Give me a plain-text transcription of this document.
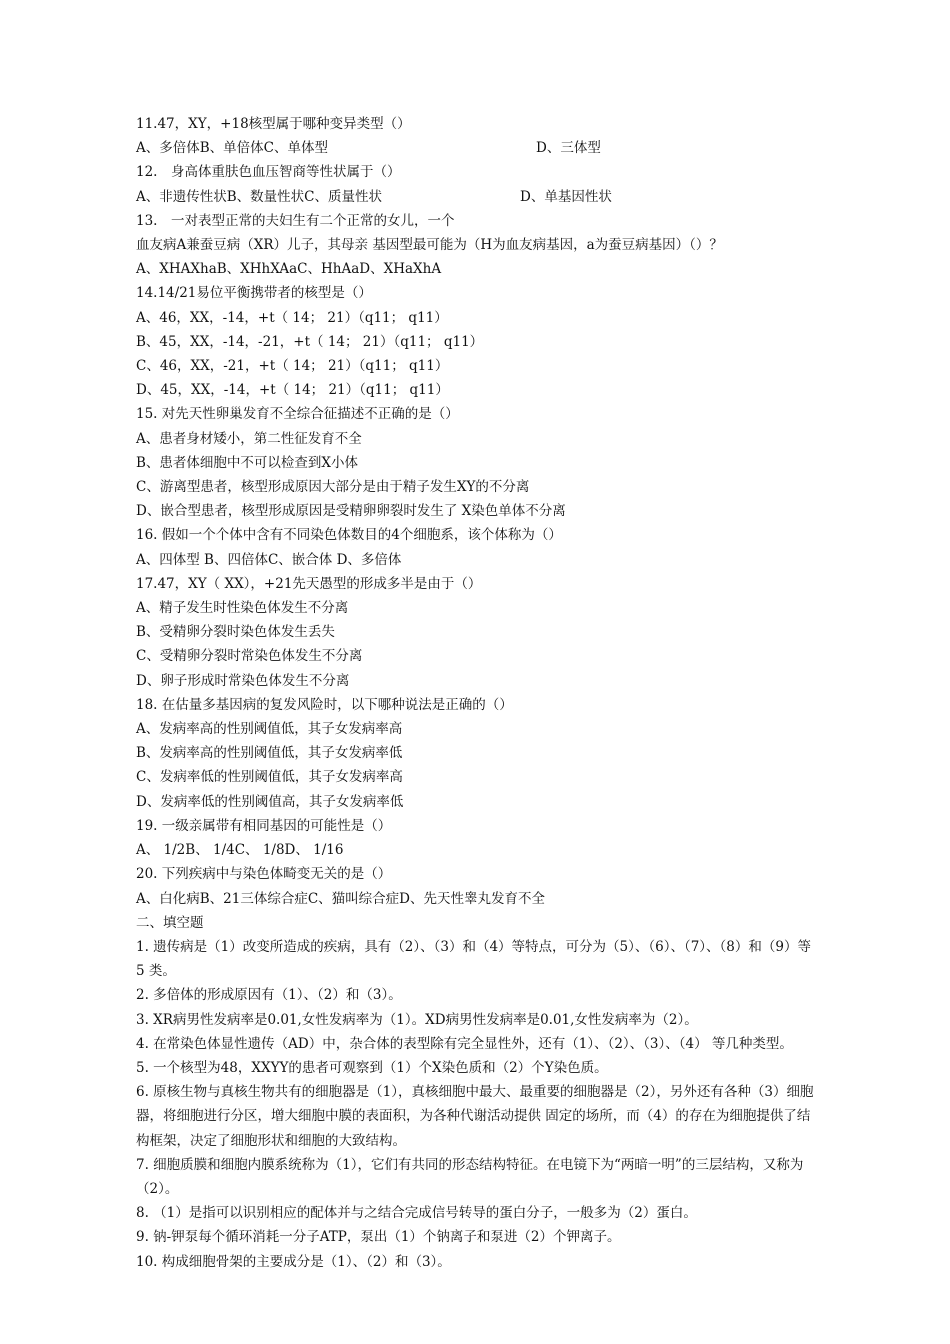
11.47，XY，+18核型属于哪种变异类型（）

A、多倍体B、单倍体C、单体型	D、三体型

12.　身高体重肤色血压智商等性状属于（）

A、非遗传性状B、数量性状C、质量性状	D、单基因性状

13.　一对表型正常的夫妇生有二个正常的女儿，一个

血友病A兼蚕豆病（XR）儿子，其母亲 基因型最可能为（H为血友病基因，a为蚕豆病基因）（）？

A、XHAXhaB、XHhXAaC、HhAaD、XHaXhA

14.14/21易位平衡携带者的核型是（）

A、46，XX，-14，+t（ 14； 21）（q11； q11）

B、45，XX，-14，-21，+t（ 14； 21）（q11； q11）

C、46，XX，-21，+t（ 14； 21）（q11； q11）

D、45，XX，-14，+t（ 14； 21）（q11； q11）

15. 对先天性卵巢发育不全综合征描述不正确的是（）

A、患者身材矮小，第二性征发育不全

B、患者体细胞中不可以检查到X小体

C、游离型患者，核型形成原因大部分是由于精子发生XY的不分离

D、嵌合型患者，核型形成原因是受精卵卵裂时发生了 X染色单体不分离

16. 假如一个个体中含有不同染色体数目的4个细胞系，该个体称为（）

A、四体型 B、四倍体C、嵌合体 D、多倍体

17.47，XY（ XX），+21先天愚型的形成多半是由于（）

A、精子发生时性染色体发生不分离

B、受精卵分裂时染色体发生丢失

C、受精卵分裂时常染色体发生不分离

D、卵子形成时常染色体发生不分离

18. 在估量多基因病的复发风险时，以下哪种说法是正确的（）

A、发病率高的性别阈值低，其子女发病率高

B、发病率高的性别阈值低，其子女发病率低

C、发病率低的性别阈值低，其子女发病率高

D、发病率低的性别阈值高，其子女发病率低

19. 一级亲属带有相同基因的可能性是（）

A、 1/2B、 1/4C、 1/8D、 1/16

20. 下列疾病中与染色体畸变无关的是（）

A、白化病B、21三体综合症C、猫叫综合症D、先天性睾丸发育不全

二、填空题

1. 遗传病是（1）改变所造成的疾病，具有（2）、（3）和（4）等特点，可分为（5）、（6）、（7）、（8）和（9）等 5 类。

2. 多倍体的形成原因有（1）、（2）和（3）。

3. XR病男性发病率是0.01,女性发病率为（1）。XD病男性发病率是0.01,女性发病率为（2）。

4. 在常染色体显性遗传（AD）中，杂合体的表型除有完全显性外，还有（1）、（2）、（3）、（4） 等几种类型。

5. 一个核型为48，XXYY的患者可观察到（1）个X染色质和（2）个Y染色质。

6. 原核生物与真核生物共有的细胞器是（1），真核细胞中最大、最重要的细胞器是（2），另外还有各种（3）细胞器，将细胞进行分区，增大细胞中膜的表面积，为各种代谢活动提供 固定的场所，而（4）的存在为细胞提供了结构框架，决定了细胞形状和细胞的大致结构。

7. 细胞质膜和细胞内膜系统称为（1），它们有共同的形态结构特征。在电镜下为“两暗一明”的三层结构，又称为（2）。

8. （1）是指可以识别相应的配体并与之结合完成信号转导的蛋白分子，一般多为（2）蛋白。

9. 钠-钾泵每个循环消耗一分子ATP，泵出（1）个钠离子和泵进（2）个钾离子。

10. 构成细胞骨架的主要成分是（1）、（2）和（3）。
